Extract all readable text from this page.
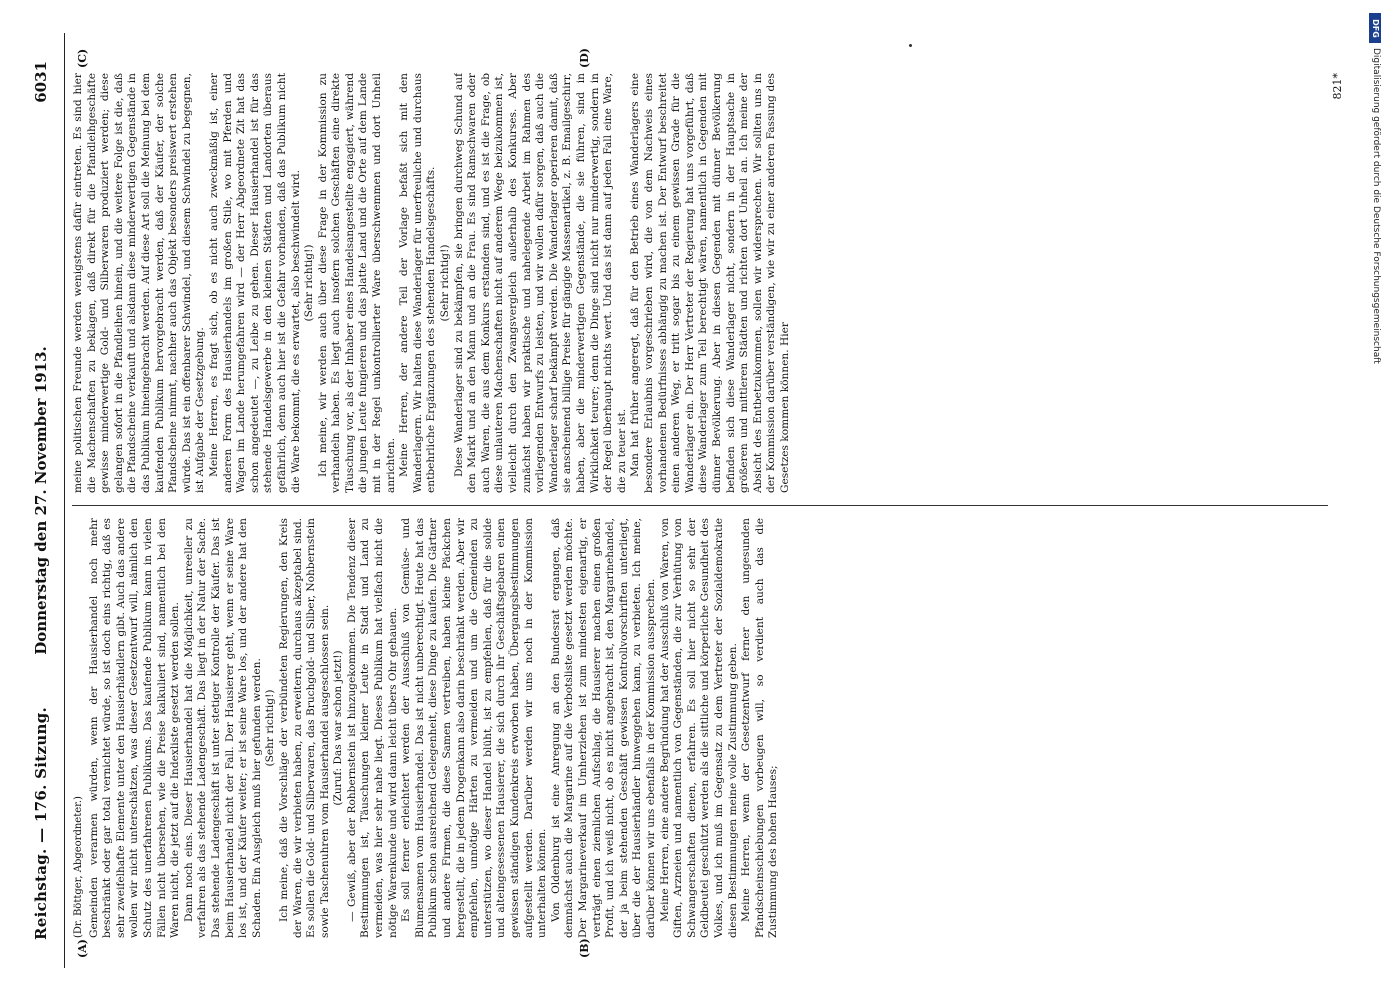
Reichstag. — 176. Sitzung.
Donnerstag den 27. November 1913.
6031
(A)	(B)
(C)	(D)
(Dr. Böttger, Abgeordneter.) Gemeinden verarmen würden, wenn der Hausierhandel noch mehr beschränkt oder gar total vernichtet würde, so ist doch eins richtig, daß es sehr zweifelhafte Elemente unter den Hausierhändlern gibt. Auch das andere wollen wir nicht unterschätzen, was dieser Gesetzentwurf will, nämlich den Schutz des unerfahrenen Publikums. Das kaufende Publikum kann in vielen Fällen nicht übersehen, wie die Preise kalkuliert sind, namentlich bei den Waren nicht, die jetzt auf die Indexliste gesetzt werden sollen. Dann noch eins. Dieser Hausierhandel hat die Möglichkeit, unreeller zu verfahren als das stehende Ladengeschäft. Das liegt in der Natur der Sache. Das stehende Ladengeschäft ist unter stetiger Kontrolle der Käufer. Das ist beim Hausierhandel nicht der Fall. Der Hausierer geht, wenn er seine Ware los ist, und der Käufer weiter; er ist seine Ware los, und der andere hat den Schaden. Ein Ausgleich muß hier gefunden werden. (Sehr richtig!) Ich meine, daß die Vorschläge der verbündeten Regierungen, den Kreis der Waren, die wir verbieten haben, zu erweitern, durchaus akzeptabel sind. Es sollen die Gold- und Silberwaren, das Bruchgold- und Silber, Nohbernstein sowie Taschenuhren vom Hausierhandel ausgeschlossen sein. (Zuruf: Das war schon jetzt!) — Gewiß, aber der Rohbernstein ist hinzugekommen. Die Tendenz dieser Bestimmungen ist, Täuschungen kleiner Leute in Stadt und Land zu vermeiden, was hier sehr nahe liegt. Dieses Publikum hat vielfach nicht die nötige Warenkunde und wird dann leicht übers Ohr gehauen. Es soll ferner erleichtert werden der Ausschluß von Gemüse- und Blumensamen vom Hausierhandel. Das ist nicht unberechtigt. Heute hat das Publikum schon ausreichend Gelegenheit, diese Dinge zu kaufen. Die Gärtner und andere Firmen, die diese Samen vertreiben, haben kleine Päckchen hergestellt, die in jedem Drogenkann also darin beschränkt werden. Aber wir empfehlen, unnötige Härten zu vermeiden und um die Gemeinden zu unterstützen, wo dieser Handel blüht, ist zu empfehlen, daß für die solide und alteingesessenen Hausierer, die sich durch ihr Geschäftsgebaren einen gewissen ständigen Kundenkreis erworben haben, Übergangsbestimmungen aufgestellt werden. Darüber werden wir uns noch in der Kommission unterhalten können. Von Oldenburg ist eine Anregung an den Bundesrat ergangen, daß demnächst auch die Margarine auf die Verbotsliste gesetzt werden möchte. Der Margarineverkauf im Umherziehen ist zum mindesten eigenartig, er verträgt einen ziemlichen Aufschlag, die Hausierer machen einen großen Profit, und ich weiß nicht, ob es nicht angebracht ist, den Margarinehandel, der ja beim stehenden Geschäft gewissen Kontrollvorschriften unterliegt, über die der Hausierhändler hinweggehen kann, zu verbieten. Ich meine, darüber können wir uns ebenfalls in der Kommission aussprechen. Meine Herren, eine andere Begründung hat der Ausschluß von Waren, von Giften, Arzneien und namentlich von Gegenständen, die zur Verhütung von Schwangerschaften dienen, erfahren. Es soll hier nicht so sehr der Geldbeutel geschützt werden als die sittliche und körperliche Gesundheit des Volkes, und ich muß im Gegensatz zu dem Vertreter der Sozialdemokratie diesen Bestimmungen meine volle Zustimmung geben. Meine Herren, wenn der Gesetzentwurf ferner den ungesunden Pfandscheinschiebungen vorbeugen will, so verdient auch das die Zustimmung des hohen Hauses;

meine politischen Freunde werden wenigstens dafür eintreten. Es sind hier die Machenschaften zu beklagen, daß direkt für die Pfandleihgeschäfte gewisse minderwertige Gold- und Silberwaren produziert werden; diese gelangen sofort in die Pfandleihen hinein, und die weitere Folge ist die, daß die Pfandscheine verkauft und alsdann diese minderwertigen Gegenstände in das Publikum hineingebracht werden. Auf diese Art soll die Meinung bei dem kaufenden Publikum hervorgebracht werden, daß der Käufer, der solche Pfandscheine nimmt, nachher auch das Objekt besonders preiswert erstehen würde. Das ist ein offenbarer Schwindel, und diesem Schwindel zu begegnen, ist Aufgabe der Gesetzgebung. Meine Herren, es fragt sich, ob es nicht auch zweckmäßig ist, einer anderen Form des Hausierhandels im großen Stile, wo mit Pferden und Wagen im Lande herumgefahren wird — der Herr Abgeordnete Zit hat das schon angedeutet —, zu Leibe zu gehen. Dieser Hausierhandel ist für das stehende Handelsgewerbe in den kleinen Städten und Landorten überaus gefährlich, denn auch hier ist die Gefahr vorhanden, daß das Publikum nicht die Ware bekommt, die es erwartet, also beschwindelt wird. (Sehr richtig!) Ich meine, wir werden auch über diese Frage in der Kommission zu verhandeln haben. Es liegt auch insofern solchen Geschäften eine direkte Täuschung vor, als der Inhaber eines Handelsangestellte engagiert, während die jungen Leute fungieren und das platte Land und die Orte auf dem Lande mit in der Regel unkontrollierter Ware überschwemmen und dort Unheil anrichten. Meine Herren, der andere Teil der Vorlage befaßt sich mit den Wanderlagern. Wir halten diese Wanderlager für unerfreuliche und durchaus entbehrliche Ergänzungen des stehenden Handelsgeschäfts. (Sehr richtig!) Diese Wanderlager sind zu bekämpfen, sie bringen durchweg Schund auf den Markt und an den Mann und an die Frau. Es sind Ramschwaren oder auch Waren, die aus dem Konkurs erstanden sind, und es ist die Frage, ob diese unlauteren Machenschaften nicht auf anderem Wege beizukommen ist, vielleicht durch den Zwangsvergleich außerhalb des Konkurses. Aber zunächst haben wir praktische und nahelegende Arbeit im Rahmen des vorliegenden Entwurfs zu leisten, und wir wollen dafür sorgen, daß auch die Wanderlager scharf bekämpft werden. Die Wanderlager operieren damit, daß sie anscheinend billige Preise für gängige Massenartikel, z. B. Emailgeschirr, haben, aber die minderwertigen Gegenstände, die sie führen, sind in Wirklichkeit teurer; denn die Dinge sind nicht nur minderwertig, sondern in der Regel überhaupt nichts wert. Und das ist dann auf jeden Fall eine Ware, die zu teuer ist. Man hat früher angeregt, daß für den Betrieb eines Wanderlagers eine besondere Erlaubnis vorgeschrieben wird, die von dem Nachweis eines vorhandenen Bedürfnisses abhängig zu machen ist. Der Entwurf beschreitet einen anderen Weg, er tritt sogar bis zu einem gewissen Grade für die Wanderlager ein. Der Herr Vertreter der Regierung hat uns vorgeführt, daß diese Wanderlager zum Teil berechtigt wären, namentlich in Gegenden mit dünner Bevölkerung. Aber in diesen Gegenden mit dünner Bevölkerung befinden sich diese Wanderlager nicht, sondern in der Hauptsache in größeren und mittleren Städten und richten dort Unheil an. Ich meine der Absicht des Entbetzukommen, sollen wir widersprechen. Wir sollten uns in der Kommission darüber verständigen, wie wir zu einer anderen Fassung des Gesetzes kommen können. Hier

821*
DFG
Digitalisierung gefördert durch die Deutsche Forschungsgemeinschaft
